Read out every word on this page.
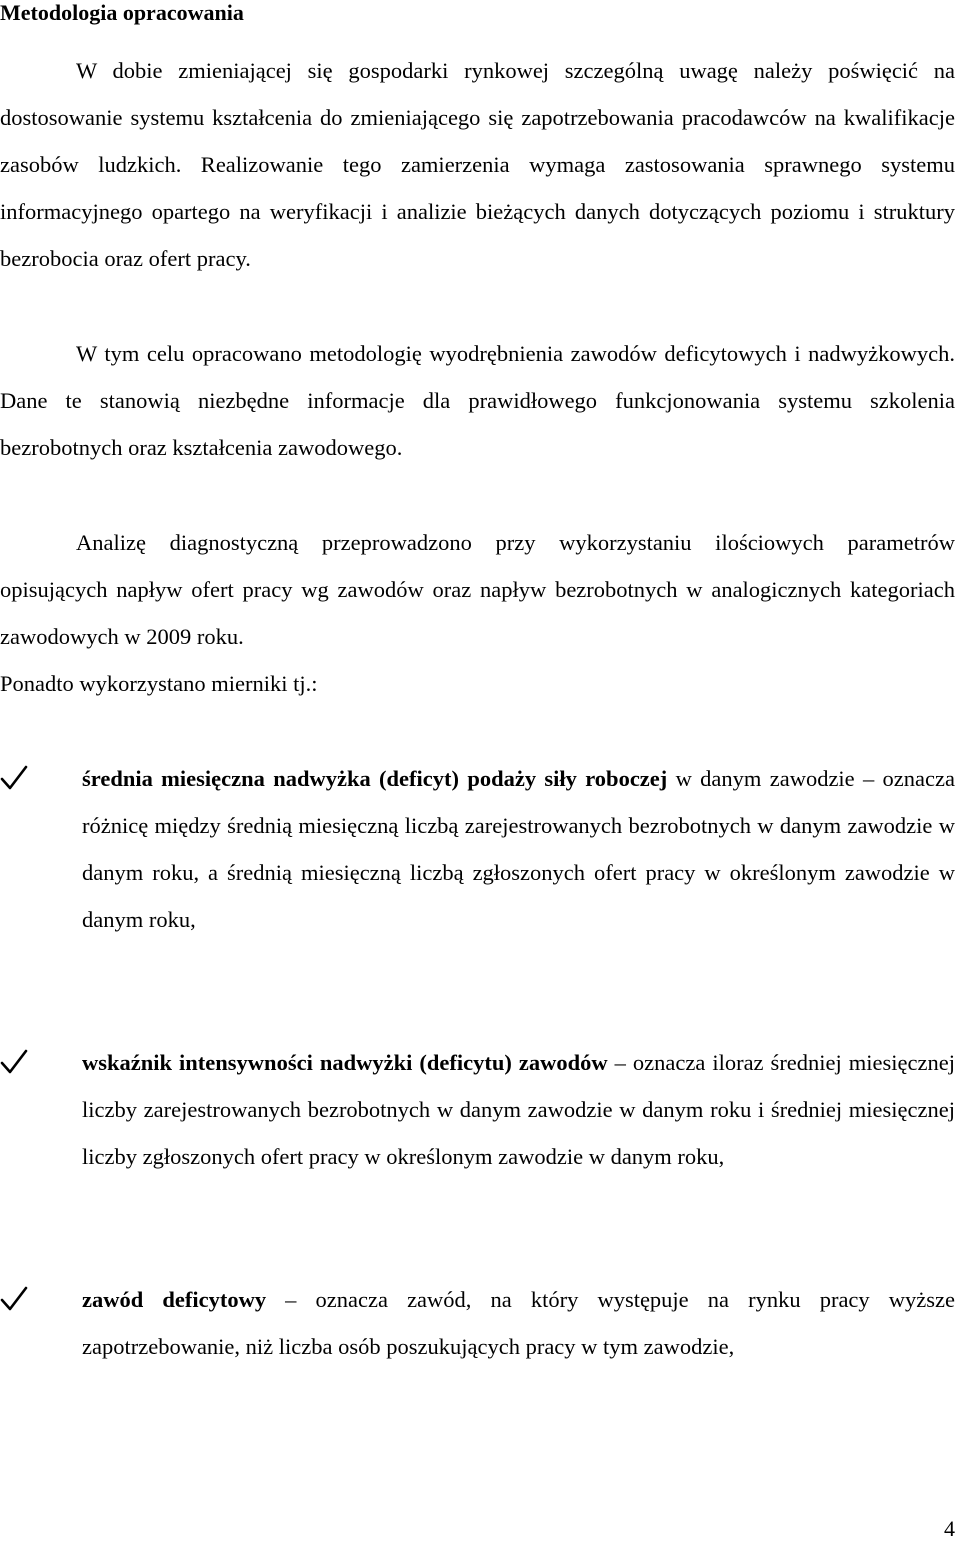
Metodologia opracowania

W dobie zmieniającej się gospodarki rynkowej szczególną uwagę należy poświęcić na dostosowanie systemu kształcenia do zmieniającego się zapotrzebowania pracodawców na kwalifikacje zasobów ludzkich. Realizowanie tego zamierzenia wymaga zastosowania sprawnego systemu informacyjnego opartego na weryfikacji i analizie bieżących danych dotyczących poziomu i struktury bezrobocia oraz ofert pracy.

W tym celu opracowano metodologię wyodrębnienia zawodów deficytowych i nadwyżkowych. Dane te stanowią niezbędne informacje dla prawidłowego funkcjonowania systemu szkolenia bezrobotnych oraz kształcenia zawodowego.

Analizę diagnostyczną przeprowadzono przy wykorzystaniu ilościowych parametrów opisujących napływ ofert pracy wg zawodów oraz napływ bezrobotnych w analogicznych kategoriach zawodowych w 2009 roku.

Ponadto wykorzystano mierniki tj.:

średnia miesięczna nadwyżka (deficyt) podaży siły roboczej w danym zawodzie – oznacza różnicę między średnią miesięczną liczbą zarejestrowanych bezrobotnych w danym zawodzie w danym roku, a średnią miesięczną liczbą zgłoszonych ofert pracy w określonym zawodzie w danym roku,
wskaźnik intensywności nadwyżki (deficytu) zawodów – oznacza iloraz średniej miesięcznej liczby zarejestrowanych bezrobotnych w danym zawodzie w danym roku i średniej miesięcznej liczby zgłoszonych ofert pracy w określonym zawodzie w danym roku,
zawód deficytowy – oznacza zawód, na który występuje na rynku pracy wyższe zapotrzebowanie, niż liczba osób poszukujących pracy w tym zawodzie,
4
